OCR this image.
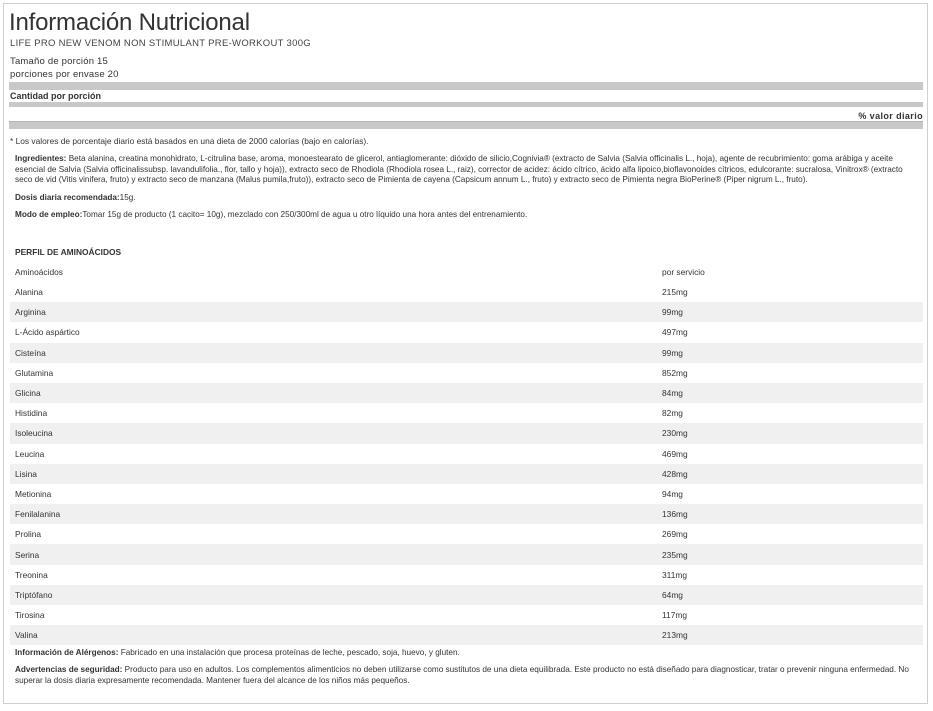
Información Nutricional
LIFE PRO NEW VENOM NON STIMULANT PRE-WORKOUT 300G
Tamaño de porción 15
porciones por envase 20
Cantidad por porción
% valor diario
* Los valores de porcentaje diario está basados en una dieta de 2000 calorías (bajo en calorías).
Ingredientes: Beta alanina, creatina monohidrato, L-citrulina base, aroma, monoestearato de glicerol, antiaglomerante: dióxido de silicio,Cognivia® (extracto de Salvia (Salvia officinalis L., hoja), agente de recubrimiento: goma arábiga y aceite esencial de Salvia (Salvia officinalissubsp. lavandulifolia., flor, tallo y hoja)), extracto seco de Rhodiola (Rhodiola rosea L., raiz), corrector de acidez: ácido cítrico, ácido alfa lipoico,bioflavonoides cítricos, edulcorante: sucralosa, Vinitrox® (extracto seco de vid (Vitis vinifera, fruto) y extracto seco de manzana (Malus pumila,fruto)), extracto seco de Pimienta de cayena (Capsicum annum L., fruto) y extracto seco de Pimienta negra BioPerine® (Piper nigrum L., fruto).
Dosis diaria recomendada:15g.
Modo de empleo:Tomar 15g de producto (1 cacito= 10g), mezclado con 250/300ml de agua u otro líquido una hora antes del entrenamiento.
PERFIL DE AMINOÁCIDOS
Aminoácidos	por servicio
Alanina	215mg
Arginina	99mg
L-Ácido aspártico	497mg
Cisteína	99mg
Glutamina	852mg
Glicina	84mg
Histidina	82mg
Isoleucina	230mg
Leucina	469mg
Lisina	428mg
Metionina	94mg
Fenilalanina	136mg
Prolina	269mg
Serina	235mg
Treonina	311mg
Triptófano	64mg
Tirosina	117mg
Valina	213mg
Información de Alérgenos: Fabricado en una instalación que procesa proteínas de leche, pescado, soja, huevo, y gluten.
Advertencias de seguridad: Producto para uso en adultos. Los complementos alimenticios no deben utilizarse como sustitutos de una dieta equilibrada. Este producto no está diseñado para diagnosticar, tratar o prevenir ninguna enfermedad. No superar la dosis diaria expresamente recomendada. Mantener fuera del alcance de los niños más pequeños.
